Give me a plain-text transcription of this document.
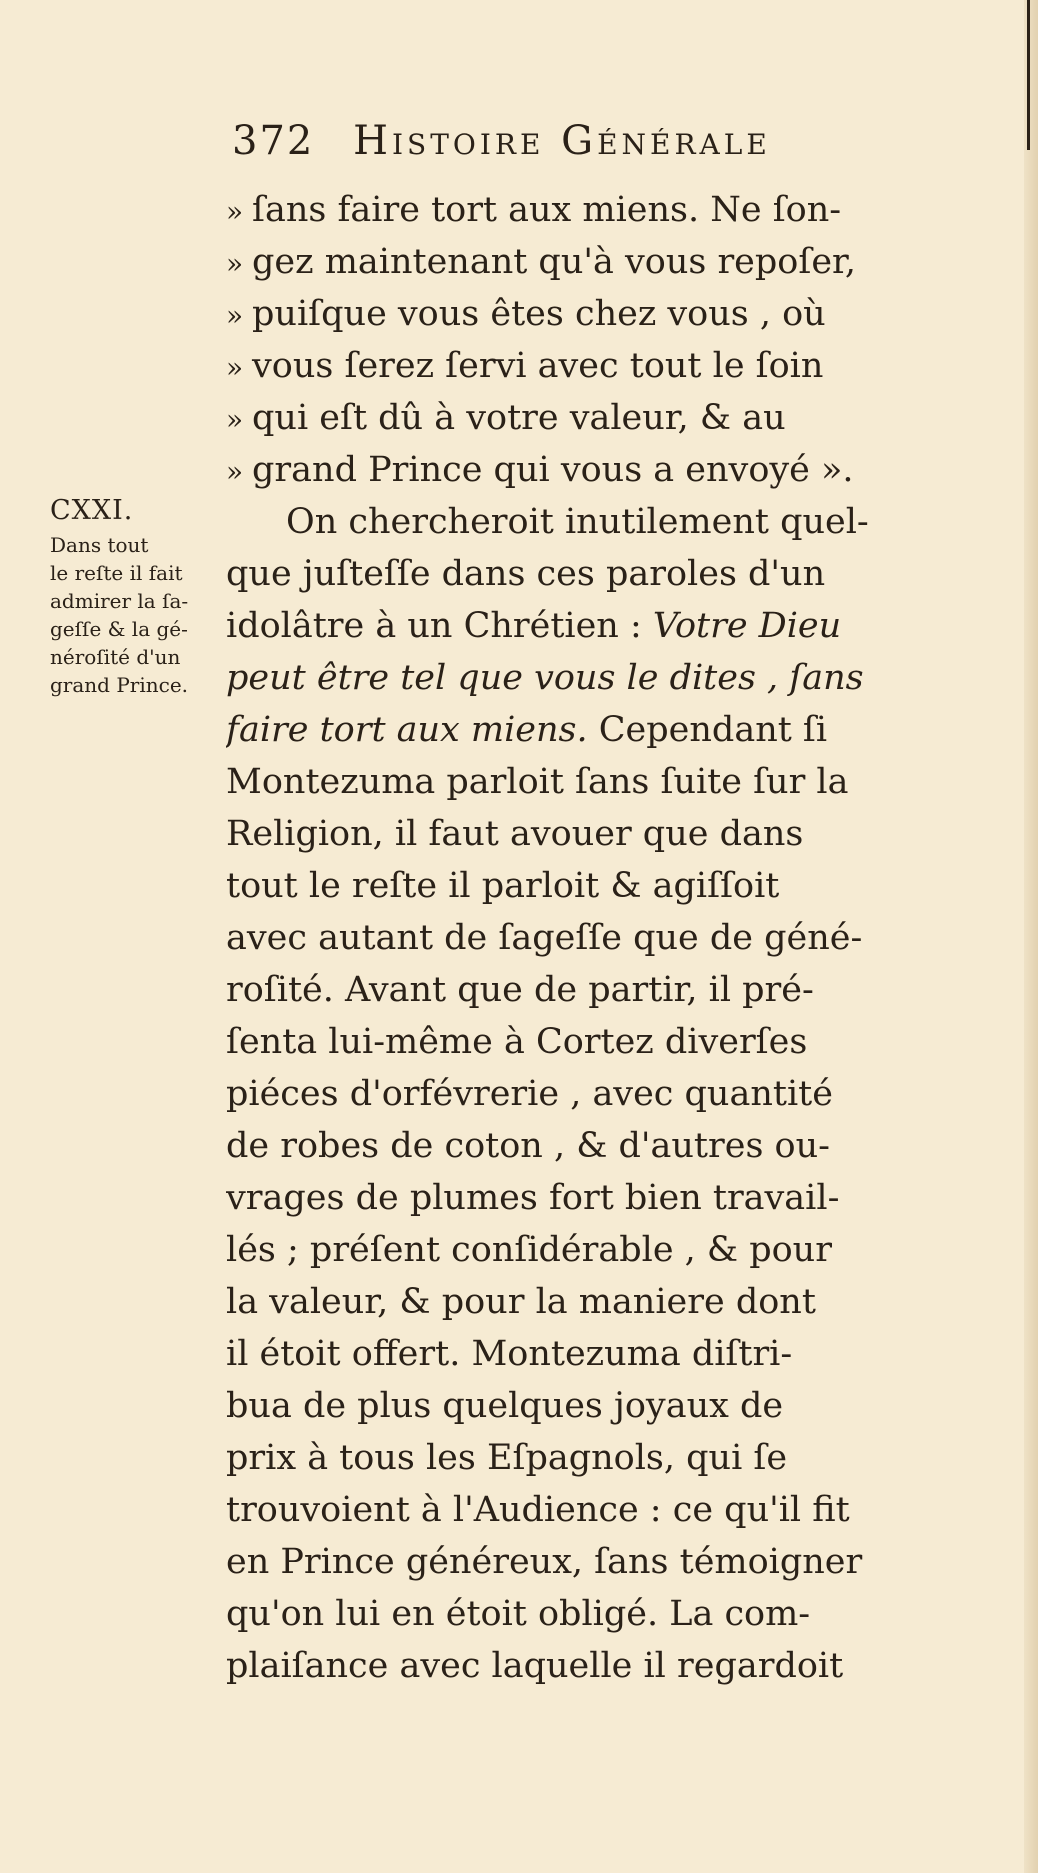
372 Histoire Générale
CXXI.
Dans tout
le reſte il fait
admirer la ſa-
geſſe & la gé-
néroſité d'un
grand Prince.
» ſans faire tort aux miens. Ne ſon-
» gez maintenant qu'à vous repoſer,
» puiſque vous êtes chez vous , où
» vous ſerez ſervi avec tout le ſoin
» qui eſt dû à votre valeur, & au
» grand Prince qui vous a envoyé ».
On chercheroit inutilement quel-
que juſteſſe dans ces paroles d'un
idolâtre à un Chrétien : Votre Dieu
peut être tel que vous le dites , ſans
faire tort aux miens. Cependant ſi
Montezuma parloit ſans ſuite ſur la
Religion, il faut avouer que dans
tout le reſte il parloit & agiſſoit
avec autant de ſageſſe que de géné-
roſité. Avant que de partir, il pré-
ſenta lui-même à Cortez diverſes
piéces d'orfévrerie , avec quantité
de robes de coton , & d'autres ou-
vrages de plumes fort bien travail-
lés ; préſent conſidérable , & pour
la valeur, & pour la maniere dont
il étoit offert. Montezuma diſtri-
bua de plus quelques joyaux de
prix à tous les Eſpagnols, qui ſe
trouvoient à l'Audience : ce qu'il fit
en Prince généreux, ſans témoigner
qu'on lui en étoit obligé. La com-
plaiſance avec laquelle il regardoit
